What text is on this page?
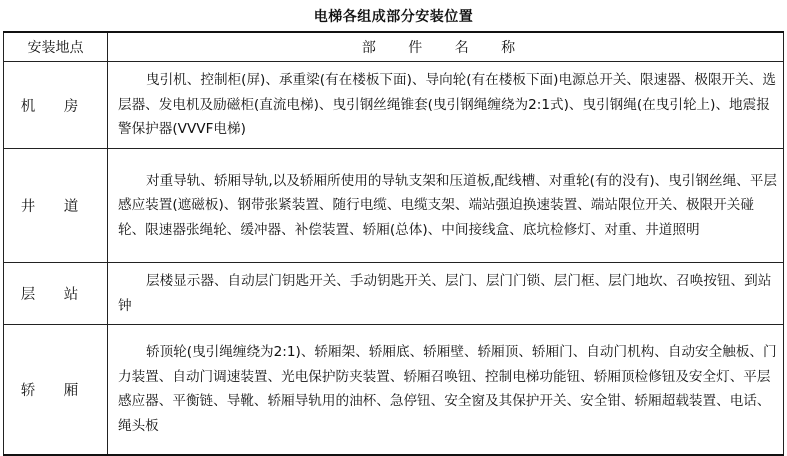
电梯各组成部分安装位置
安装地点	部 件 名 称
机 房	曳引机、控制柜(屏)、承重梁(有在楼板下面)、导向轮(有在楼板下面)电源总开关、限速器、极限开关、选层器、发电机及励磁柜(直流电梯)、曳引钢丝绳锥套(曳引钢绳缠绕为2:1式)、曳引钢绳(在曳引轮上)、地震报警保护器(VVVF电梯)
井 道	对重导轨、轿厢导轨,以及轿厢所使用的导轨支架和压道板,配线槽、对重轮(有的没有)、曳引钢丝绳、平层感应装置(遮磁板)、钢带张紧装置、随行电缆、电缆支架、端站强迫换速装置、端站限位开关、极限开关碰轮、限速器张绳轮、缓冲器、补偿装置、轿厢(总体)、中间接线盒、底坑检修灯、对重、井道照明
层 站	层楼显示器、自动层门钥匙开关、手动钥匙开关、层门、层门门锁、层门框、层门地坎、召唤按钮、到站钟
轿 厢	轿顶轮(曳引绳缠绕为2:1)、轿厢架、轿厢底、轿厢壁、轿厢顶、轿厢门、自动门机构、自动安全触板、门力装置、自动门调速装置、光电保护防夹装置、轿厢召唤钮、控制电梯功能钮、轿厢顶检修钮及安全灯、平层感应器、平衡链、导靴、轿厢导轨用的油杯、急停钮、安全窗及其保护开关、安全钳、轿厢超载装置、电话、绳头板
